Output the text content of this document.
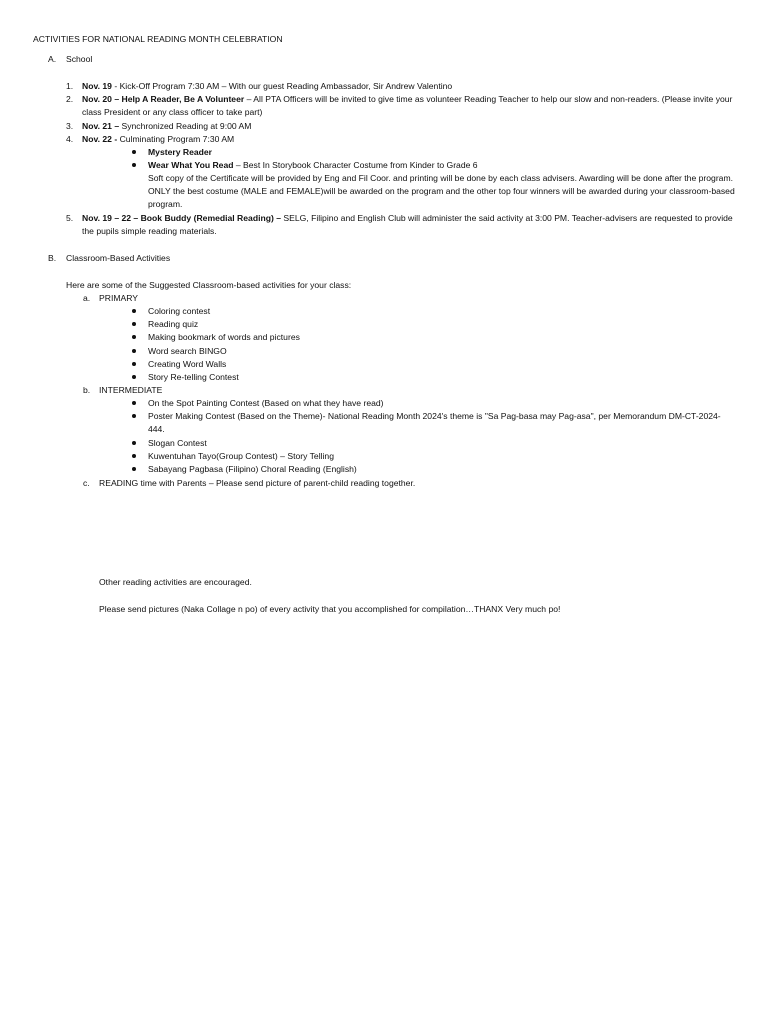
ACTIVITIES FOR NATIONAL READING MONTH CELEBRATION
A. School
1. Nov. 19 - Kick-Off Program 7:30 AM – With our guest Reading Ambassador, Sir Andrew Valentino
2. Nov. 20 – Help A Reader, Be A Volunteer – All PTA Officers will be invited to give time as volunteer Reading Teacher to help our slow and non-readers. (Please invite your class President or any class officer to take part)
3. Nov. 21 – Synchronized Reading at 9:00 AM
4. Nov. 22 - Culminating Program 7:30 AM
Mystery Reader
Wear What You Read – Best In Storybook Character Costume from Kinder to Grade 6
Soft copy of the Certificate will be provided by Eng and Fil Coor. and printing will be done by each class advisers. Awarding will be done after the program. ONLY the best costume (MALE and FEMALE)will be awarded on the program and the other top four winners will be awarded during your classroom-based program.
5. Nov. 19 – 22 – Book Buddy (Remedial Reading) – SELG, Filipino and English Club will administer the said activity at 3:00 PM. Teacher-advisers are requested to provide the pupils simple reading materials.
B. Classroom-Based Activities
Here are some of the Suggested Classroom-based activities for your class:
a. PRIMARY
Coloring contest
Reading quiz
Making bookmark of words and pictures
Word search BINGO
Creating Word Walls
Story Re-telling Contest
b. INTERMEDIATE
On the Spot Painting Contest (Based on what they have read)
Poster Making Contest (Based on the Theme)- National Reading Month 2024's theme is "Sa Pag-basa may Pag-asa", per Memorandum DM-CT-2024-444.
Slogan Contest
Kuwentuhan Tayo(Group Contest) – Story Telling
Sabayang Pagbasa (Filipino) Choral Reading (English)
c. READING time with Parents – Please send picture of parent-child reading together.
Other reading activities are encouraged.
Please send pictures (Naka Collage n po) of every activity that you accomplished for compilation…THANX Very much po!
